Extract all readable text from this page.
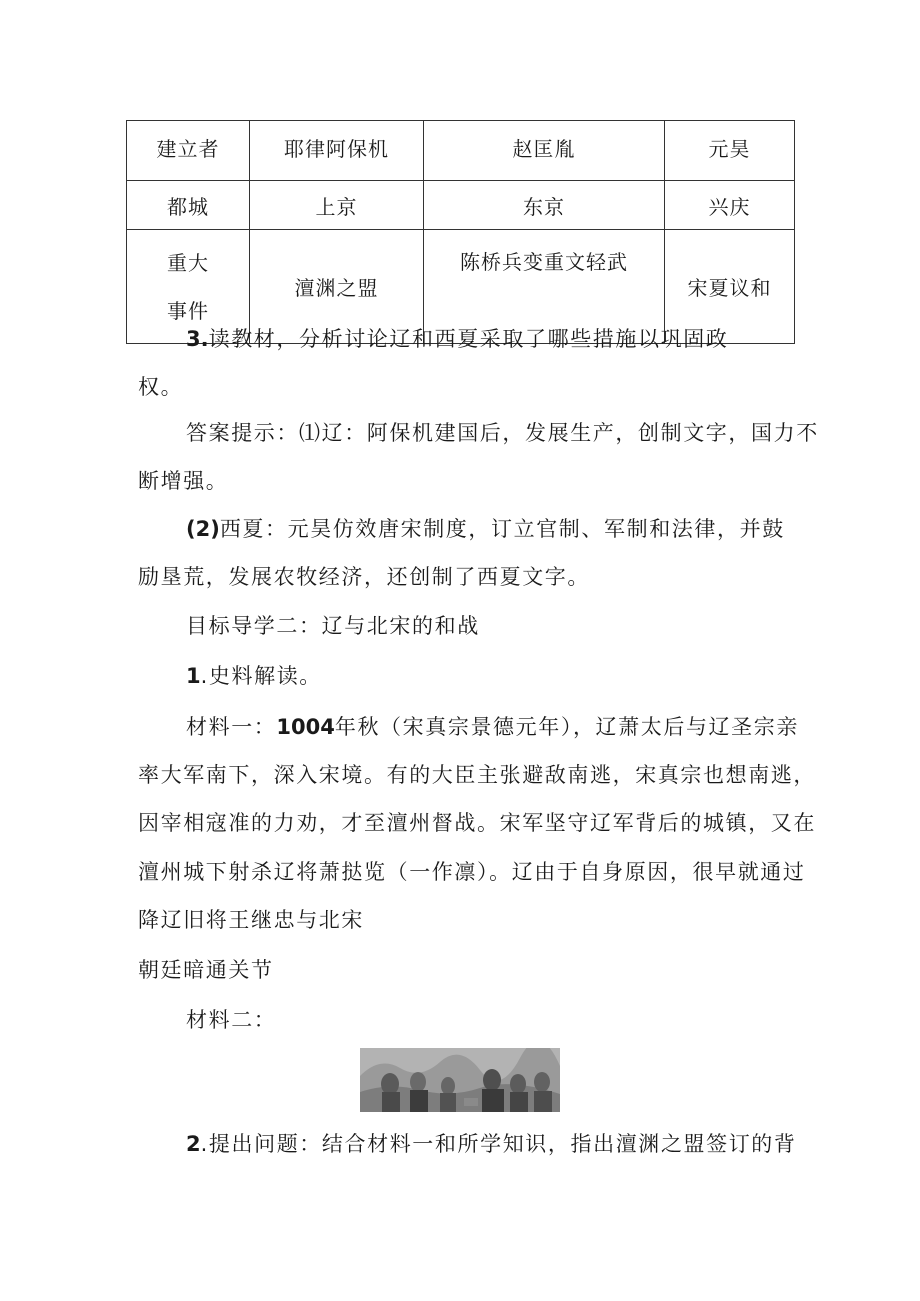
建立者	耶律阿保机	赵匡胤	元昊
都城	上京	东京	兴庆

重大
事件	澶渊之盟	陈桥兵变重文轻武	宋夏议和
3.读教材，分析讨论辽和西夏采取了哪些措施以巩固政
权。
答案提示：⑴辽：阿保机建国后，发展生产，创制文字，国力不
断增强。
(2)西夏：元昊仿效唐宋制度，订立官制、军制和法律，并鼓
励垦荒，发展农牧经济，还创制了西夏文字。
目标导学二：辽与北宋的和战
1.史料解读。
材料一：1004年秋（宋真宗景德元年），辽萧太后与辽圣宗亲
率大军南下，深入宋境。有的大臣主张避敌南逃，宋真宗也想南逃，
因宰相寇准的力劝，才至澶州督战。宋军坚守辽军背后的城镇，又在
澶州城下射杀辽将萧挞览（一作凛）。辽由于自身原因，很早就通过
降辽旧将王继忠与北宋
朝廷暗通关节
材料二：
2.提出问题：结合材料一和所学知识，指出澶渊之盟签订的背
